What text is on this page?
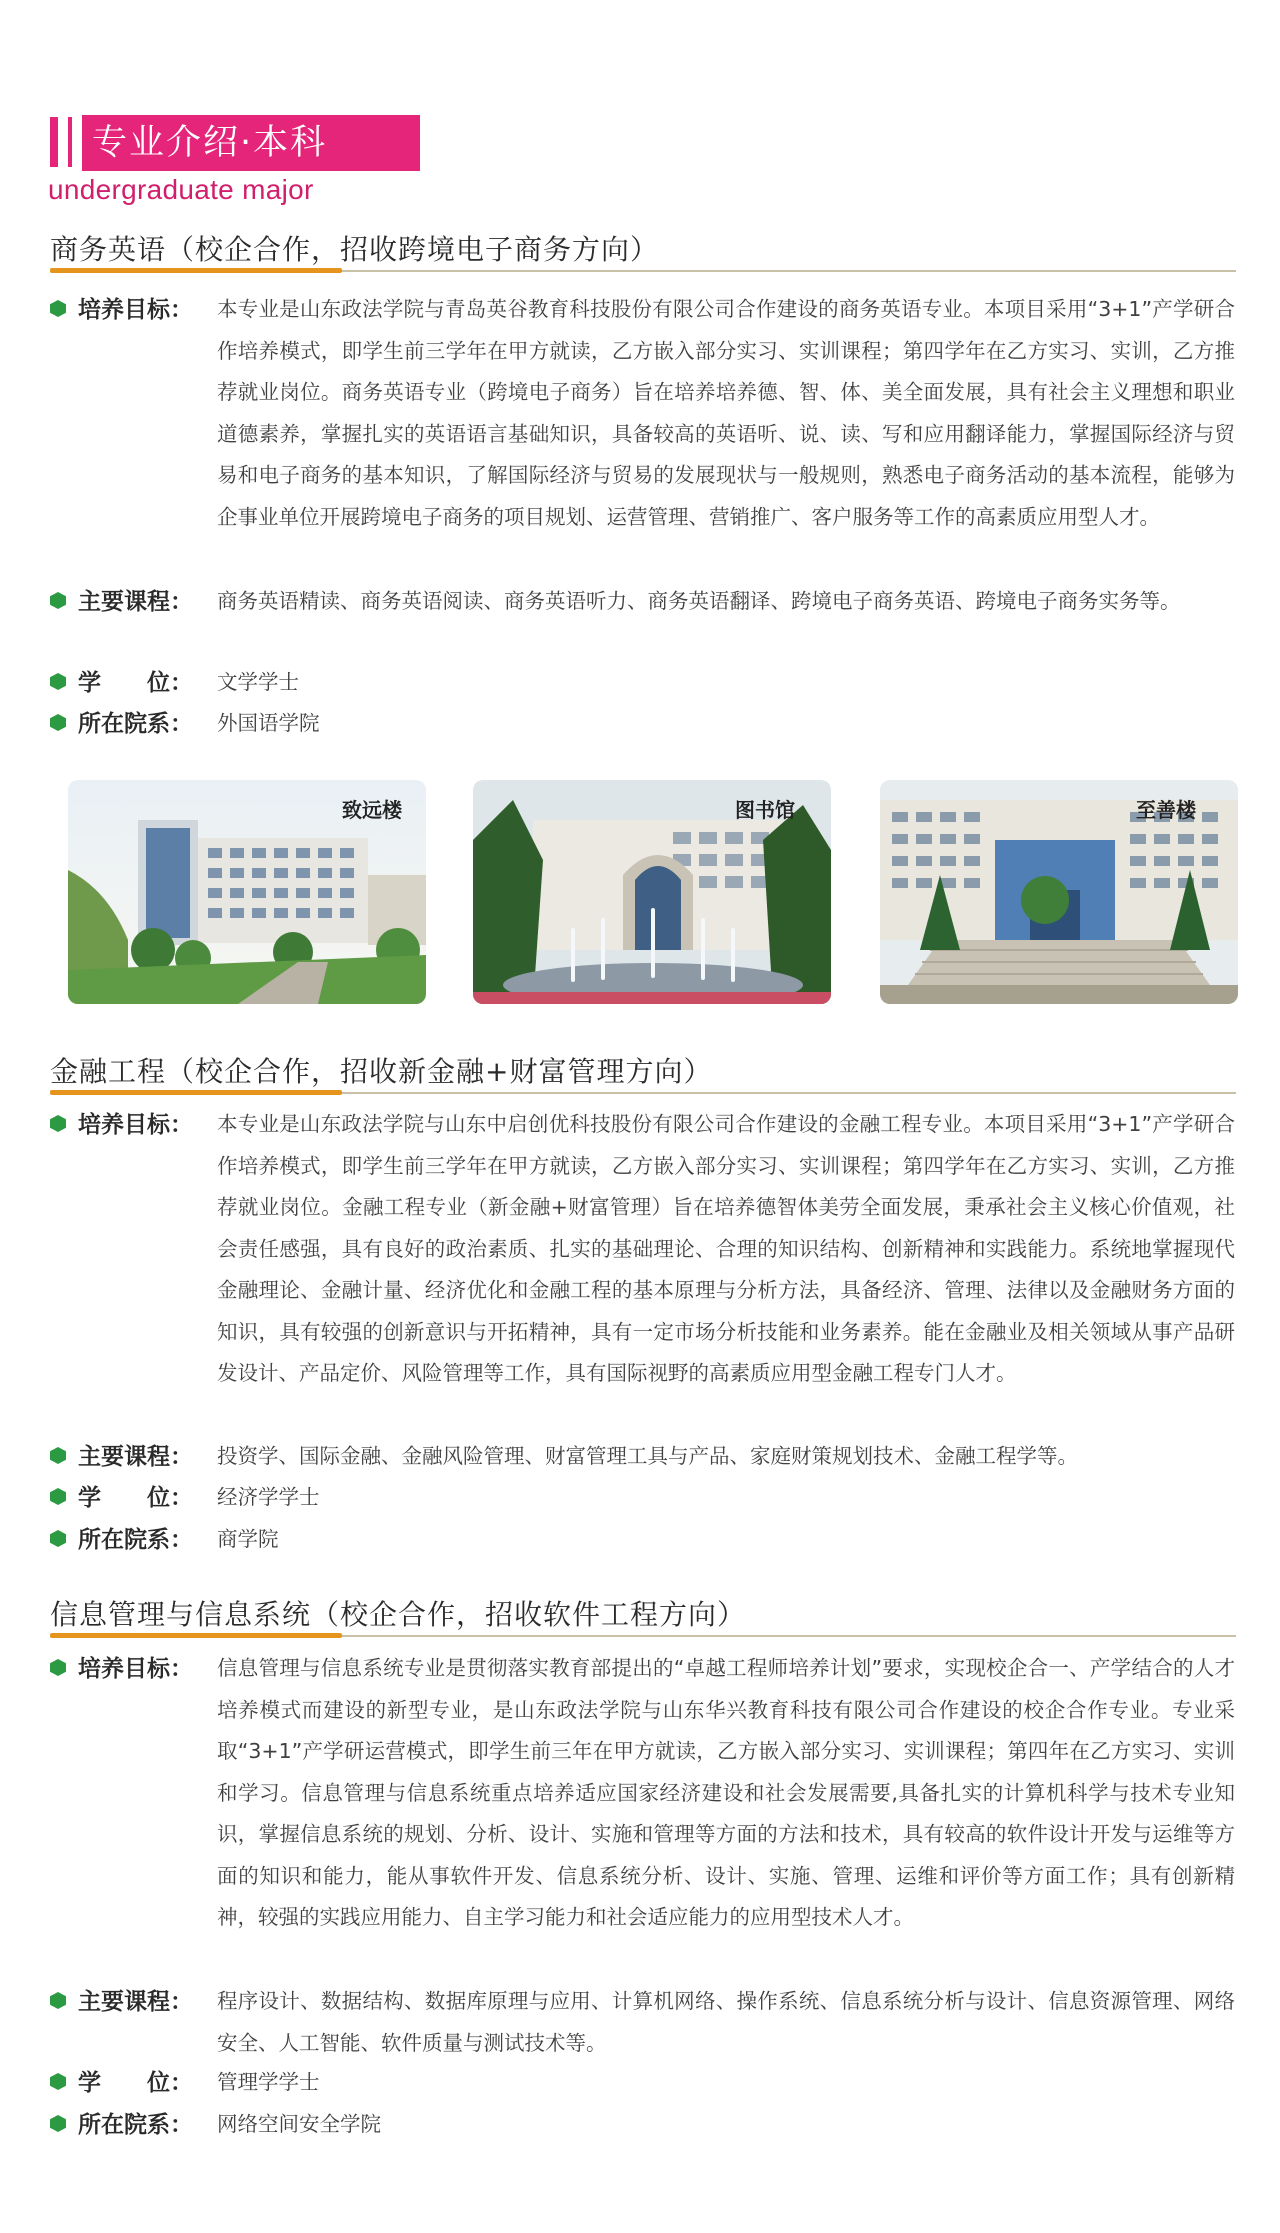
专业介绍·本科
undergraduate major
商务英语（校企合作，招收跨境电子商务方向）
培养目标：	本专业是山东政法学院与青岛英谷教育科技股份有限公司合作建设的商务英语专业。本项目采用“3+1”产学研合作培养模式，即学生前三学年在甲方就读，乙方嵌入部分实习、实训课程；第四学年在乙方实习、实训，乙方推荐就业岗位。商务英语专业（跨境电子商务）旨在培养培养德、智、体、美全面发展，具有社会主义理想和职业道德素养，掌握扎实的英语语言基础知识，具备较高的英语听、说、读、写和应用翻译能力，掌握国际经济与贸易和电子商务的基本知识，了解国际经济与贸易的发展现状与一般规则，熟悉电子商务活动的基本流程，能够为企事业单位开展跨境电子商务的项目规划、运营管理、营销推广、客户服务等工作的高素质应用型人才。
主要课程：	商务英语精读、商务英语阅读、商务英语听力、商务英语翻译、跨境电子商务英语、跨境电子商务实务等。
学　　位：	文学学士
所在院系：	外国语学院
致远楼	图书馆	至善楼
金融工程（校企合作，招收新金融+财富管理方向）
培养目标：	本专业是山东政法学院与山东中启创优科技股份有限公司合作建设的金融工程专业。本项目采用“3+1”产学研合作培养模式，即学生前三学年在甲方就读，乙方嵌入部分实习、实训课程；第四学年在乙方实习、实训，乙方推荐就业岗位。金融工程专业（新金融+财富管理）旨在培养德智体美劳全面发展，秉承社会主义核心价值观，社会责任感强，具有良好的政治素质、扎实的基础理论、合理的知识结构、创新精神和实践能力。系统地掌握现代金融理论、金融计量、经济优化和金融工程的基本原理与分析方法，具备经济、管理、法律以及金融财务方面的知识，具有较强的创新意识与开拓精神，具有一定市场分析技能和业务素养。能在金融业及相关领域从事产品研发设计、产品定价、风险管理等工作，具有国际视野的高素质应用型金融工程专门人才。
主要课程：	投资学、国际金融、金融风险管理、财富管理工具与产品、家庭财策规划技术、金融工程学等。
学　　位：	经济学学士
所在院系：	商学院
信息管理与信息系统（校企合作，招收软件工程方向）
培养目标：	信息管理与信息系统专业是贯彻落实教育部提出的“卓越工程师培养计划”要求，实现校企合一、产学结合的人才培养模式而建设的新型专业，是山东政法学院与山东华兴教育科技有限公司合作建设的校企合作专业。专业采取“3+1”产学研运营模式，即学生前三年在甲方就读，乙方嵌入部分实习、实训课程；第四年在乙方实习、实训和学习。信息管理与信息系统重点培养适应国家经济建设和社会发展需要,具备扎实的计算机科学与技术专业知识，掌握信息系统的规划、分析、设计、实施和管理等方面的方法和技术，具有较高的软件设计开发与运维等方面的知识和能力，能从事软件开发、信息系统分析、设计、实施、管理、运维和评价等方面工作；具有创新精神，较强的实践应用能力、自主学习能力和社会适应能力的应用型技术人才。
主要课程：	程序设计、数据结构、数据库原理与应用、计算机网络、操作系统、信息系统分析与设计、信息资源管理、网络安全、人工智能、软件质量与测试技术等。
学　　位：	管理学学士
所在院系：	网络空间安全学院
